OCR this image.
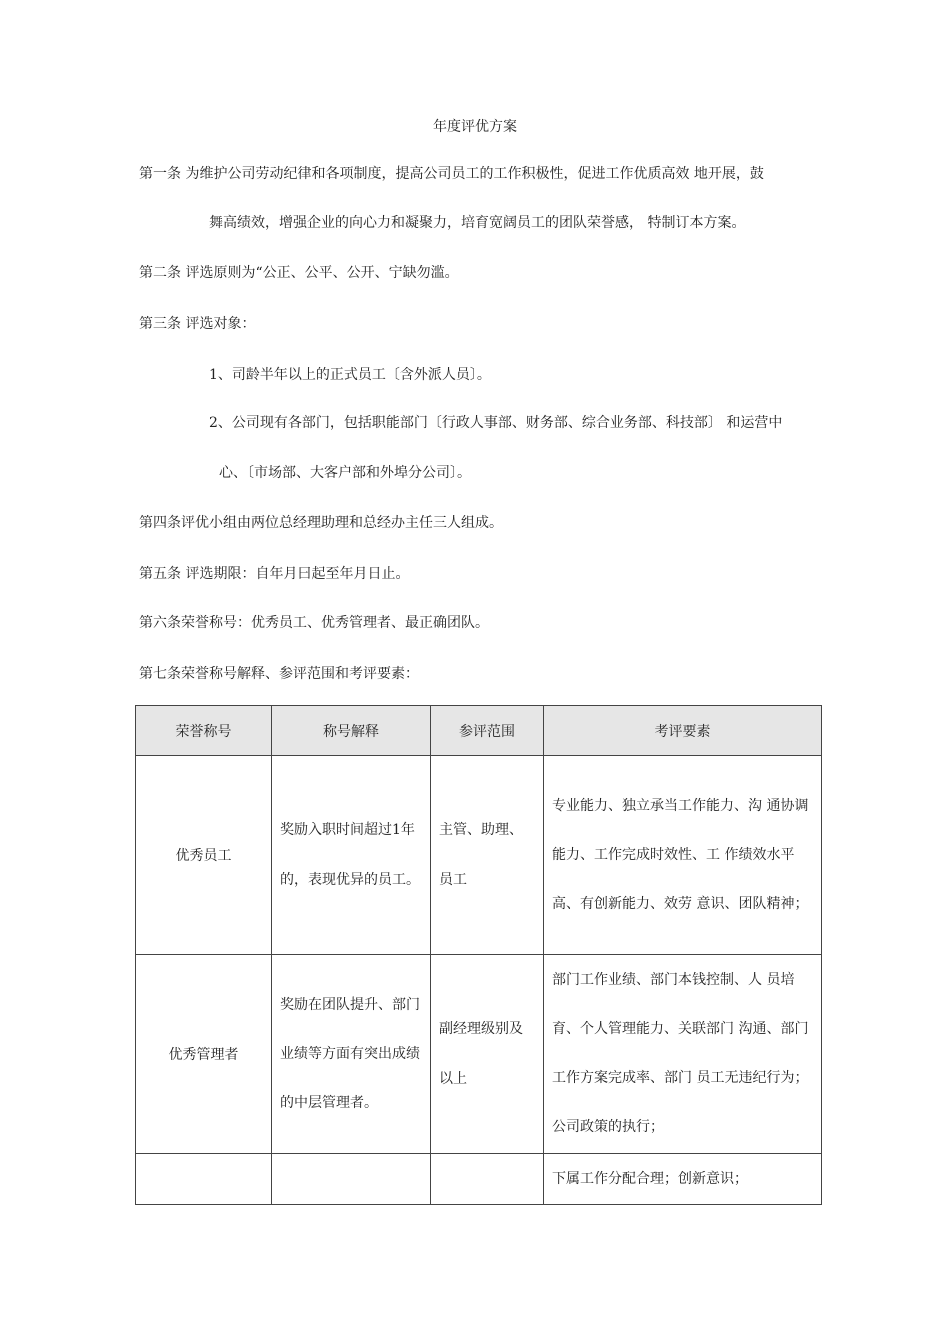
年度评优方案
第一条 为维护公司劳动纪律和各项制度，提高公司员工的工作积极性，促进工作优质高效 地开展，鼓
舞高绩效，增强企业的向心力和凝聚力，培育宽阔员工的团队荣誉感， 特制订本方案。
第二条 评选原则为“公正、公平、公开、宁缺勿滥。
第三条 评选对象：
1、司龄半年以上的正式员工〔含外派人员〕。
2、公司现有各部门，包括职能部门〔行政人事部、财务部、综合业务部、科技部〕 和运营中
心、〔市场部、大客户部和外埠分公司〕。
第四条评优小组由两位总经理助理和总经办主任三人组成。
第五条 评选期限：自年月曰起至年月日止。
第六条荣誉称号：优秀员工、优秀管理者、最正确团队。
第七条荣誉称号解释、参评范围和考评要素：
荣誉称号	称号解释	参评范围	考评要素
优秀员工	奖励入职时间超过1年的，表现优异的员工。	主管、助理、员工	专业能力、独立承当工作能力、沟 通协调能力、工作完成时效性、工 作绩效水平高、有创新能力、效劳 意识、团队精神；

优秀管理者	奖励在团队提升、部门业绩等方面有突出成绩的中层管理者。	副经理级别及以上	部门工作业绩、部门本钱控制、人 员培育、个人管理能力、关联部门 沟通、部门工作方案完成率、部门 员工无违纪行为；公司政策的执行；

			下属工作分配合理；创新意识；
